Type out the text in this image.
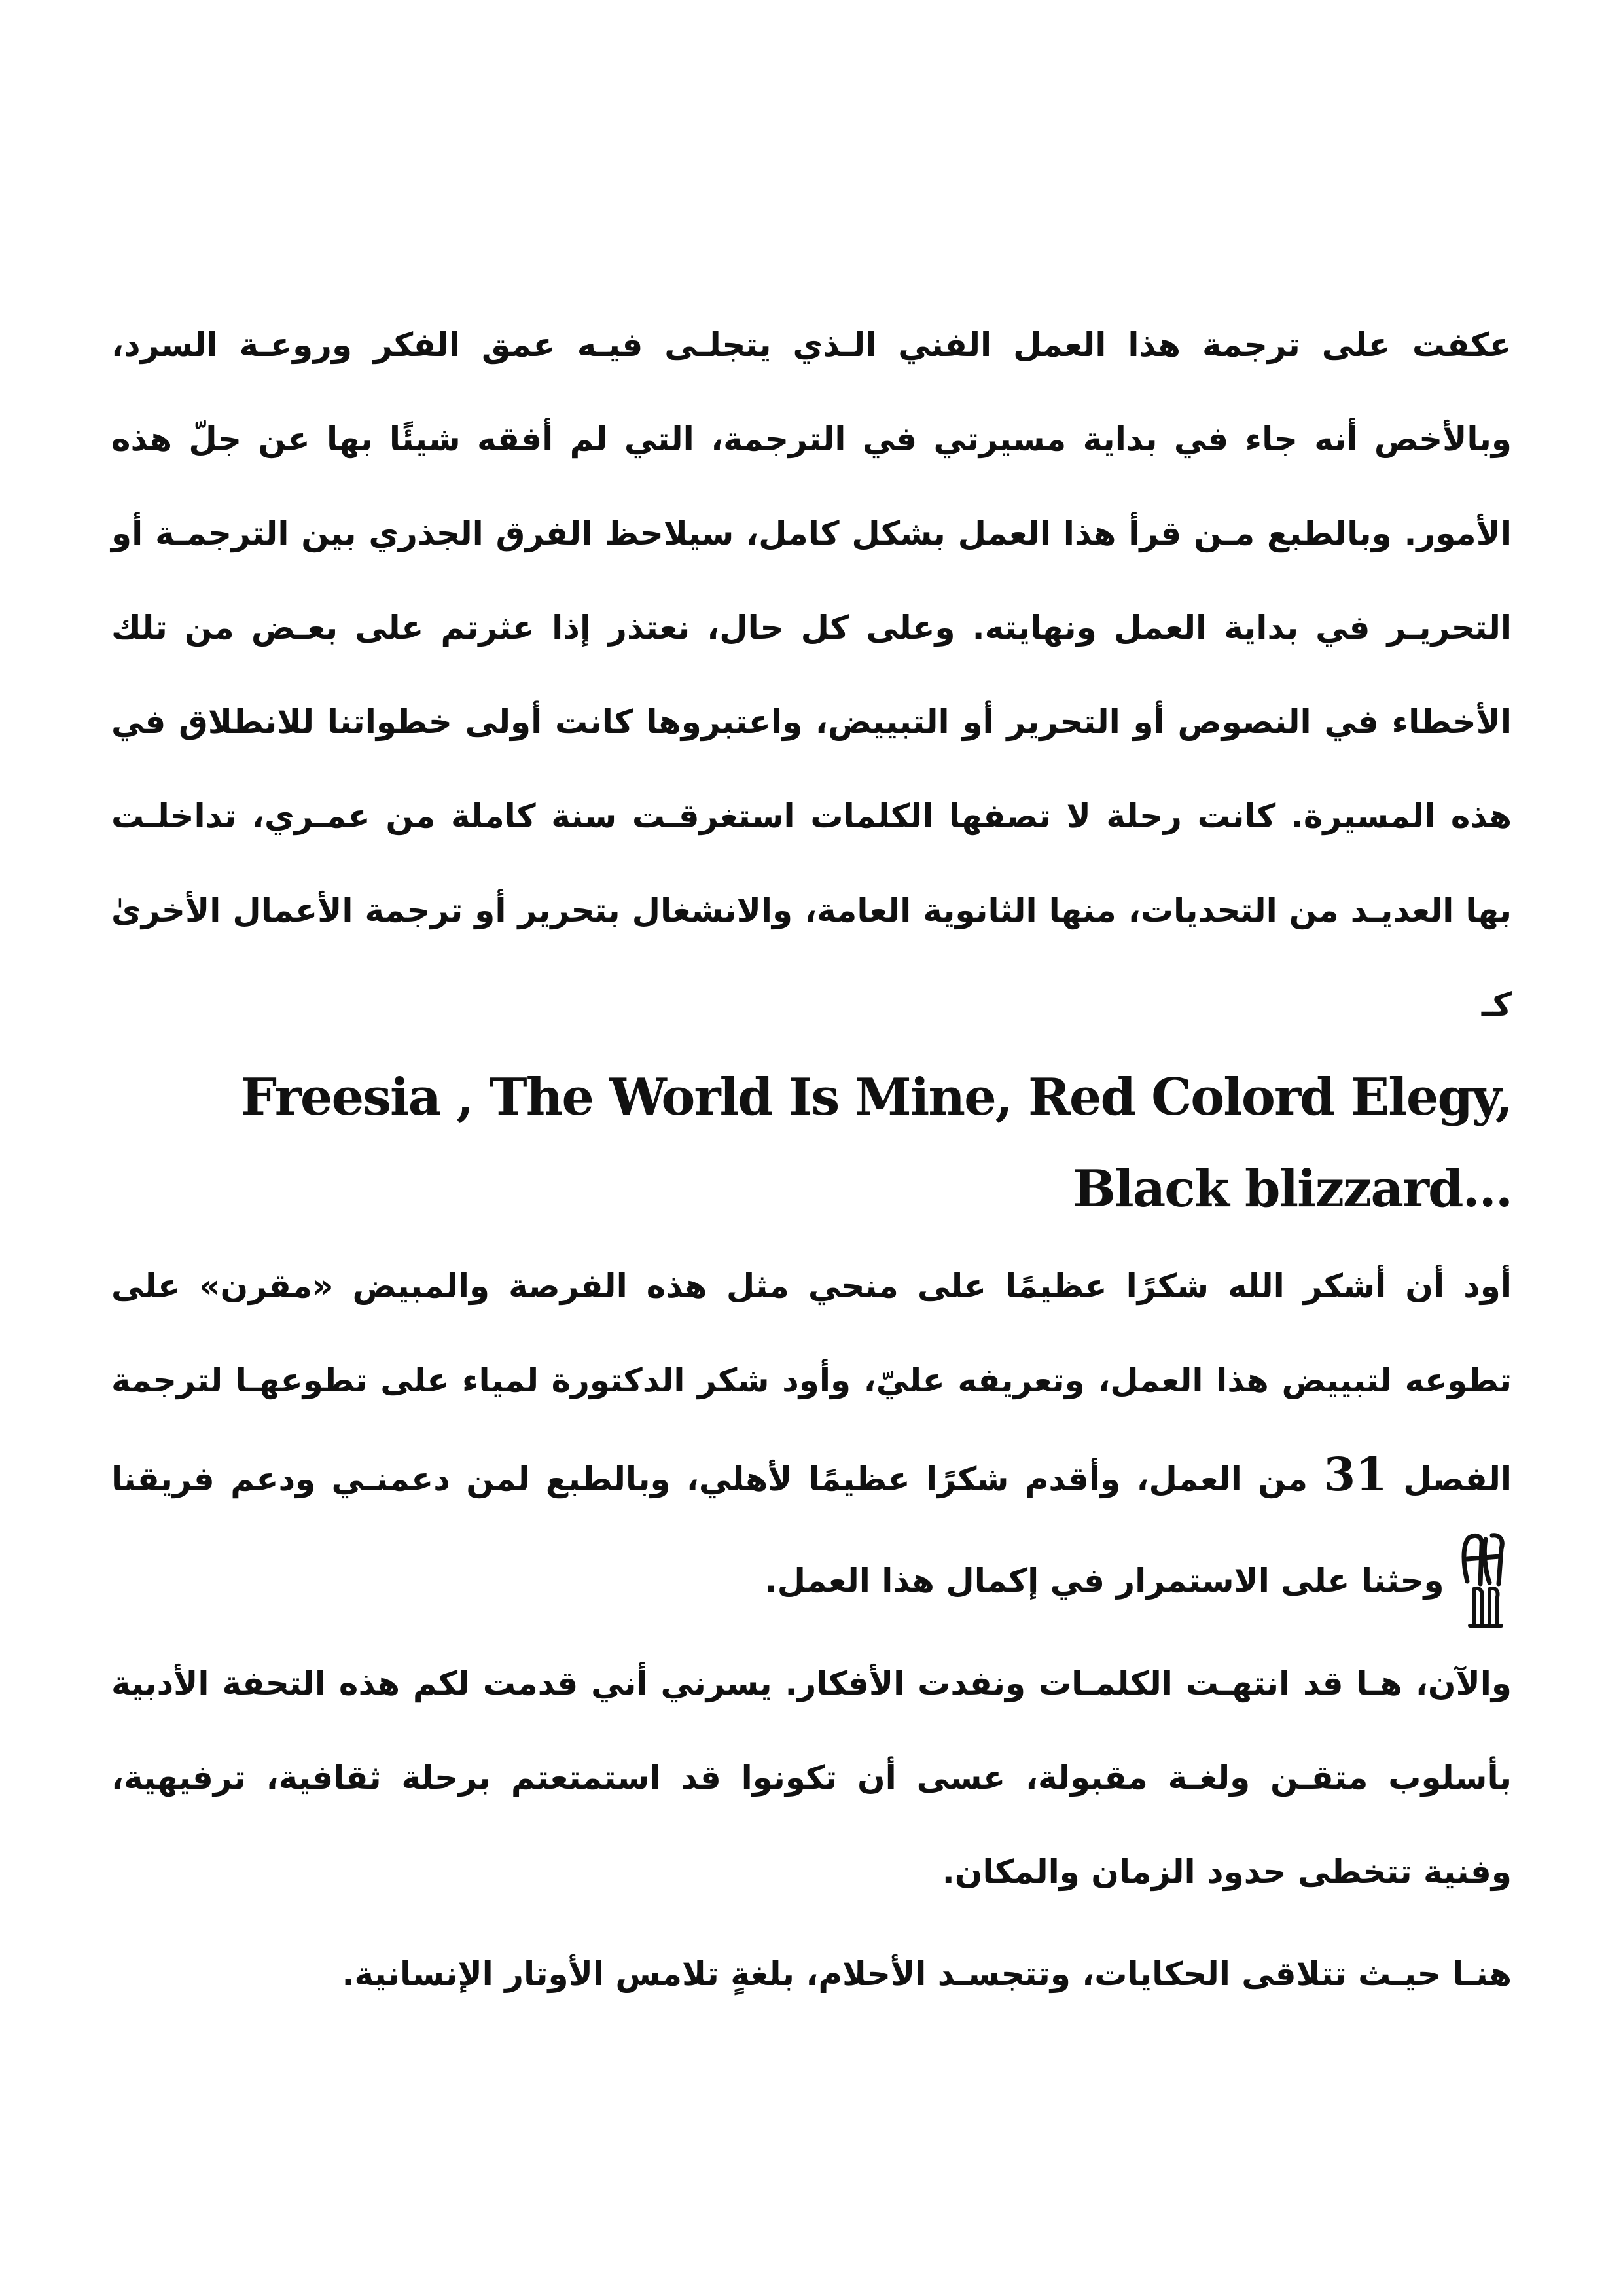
عكفت على ترجمة هذا العمل الفني الـذي يتجلـى فيـه عمق الفكر وروعـة السرد، وبالأخص أنه جاء في بداية مسيرتي في الترجمة، التي لم أفقه شيئًا بها عن جلّ هذه الأمور. وبالطبع مـن قرأ هذا العمل بشكل كامل، سيلاحظ الفرق الجذري بين الترجمـة أو التحريـر في بداية العمل ونهايته. وعلى كل حال، نعتذر إذا عثرتم على بعـض من تلك الأخطاء في النصوص أو التحرير أو التبييض، واعتبروها كانت أولى خطواتنا للانطلاق في هذه المسيرة. كانت رحلة لا تصفها الكلمات استغرقـت سنة كاملة من عمـري، تداخلـت بها العديـد من التحديات، منها الثانوية العامة، والانشغال بتحرير أو ترجمة الأعمال الأخرىٰ كـ
Freesia , The World Is Mine, Red Colord Elegy, Black blizzard...

أود أن أشكر الله شكرًا عظيمًا على منحي مثل هذه الفرصة والمبيض «مقرن» على تطوعه لتبييض هذا العمل، وتعريفه عليّ، وأود شكر الدكتورة لمياء على تطوعهـا لترجمة الفصل 31 من العمل، وأقدم شكرًا عظيمًا لأهلي، وبالطبع لمن دعمنـي ودعم فريقنا
وحثنا على الاستمرار في إكمال هذا العمل.

والآن، هـا قد انتهـت الكلمـات ونفدت الأفكار. يسرني أني قدمت لكم هذه التحفة الأدبية بأسلوب متقـن ولغـة مقبولة، عسى أن تكونوا قد استمتعتم برحلة ثقافية، ترفيهية، وفنية تتخطى حدود الزمان والمكان.

هنـا حيـث تتلاقى الحكايات، وتتجسـد الأحلام، بلغةٍ تلامس الأوتار الإنسانية.
